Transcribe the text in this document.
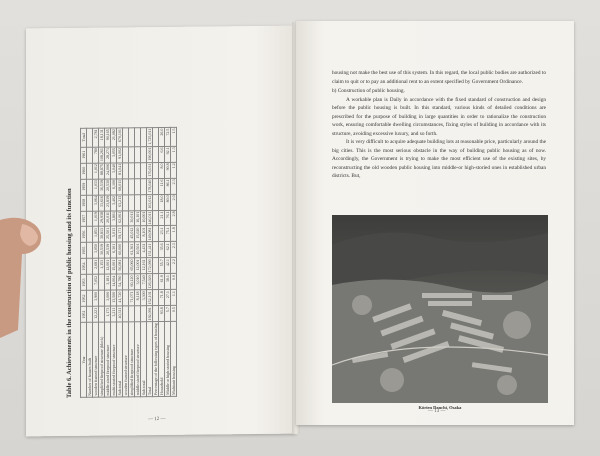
Table 6. Achievements in the construction of public housing and its function Year	1951	1952	1953	1954	1955	1956	1957	1958	1959	1960	1961	Total
Number of houses built												
wooden framed structure	12,221	3,900	7,052	2,681	3,050	1,851	1,019	3,064	1,033	1,012	780	2,781
simplified fireproof structure (block)				1,153	30,519	30,813	29,938	33,616	36,539	88,875	108,261	18,131
middle-sized fireproof structure	1,173	3,000	3,181	12,001	20,539	25,501	20,011	23,839	20,530	24,006	28,271	90,165
multi-storied fireproof structure	3,211	13,500	14,004	15,001	6,301	5,013	3,801	3,402	6,100	3,040	3,055	21,082
Sub-total	40,311	41,720	54,780	56,081	60,000	59,171	62,061	63,213	68,011	81,041	91,002	670,101
wooden framed structure												
simplified fireproof structure		71,071	60,120	65,060	61,361	45,012	30,011					
middle-sized fireproof structure		8,118	3,010	12,001	10,501	15,020	16,101					
Sub-total		3,300	7,540	12,161	4,431	8,101	10,001					
Total	192,091	152,101	126,020	172,090	151,411	149,081	146,011	163,012	178,040	170,031	190,001	1,725,011
Percentage of the following types of housing												
Household	93.8	71.8	61.9	55.7	35.6	23.1	21.1	18.0	11.6	8.0	6.6	26.0
Middle or high-storied housing	5.7	27.1	38.1	42.1	62.1	75.1	76.1	80.0	86.1	90.8	92.1	72.5
Multiunit housing	0.5	1.1	0.0	2.2	2.3	1.8	2.8	2.0	2.3	1.2	1.3	1.5
— 12 —

housing not make the best use of this system. In this regard, the local public bodies are authorized to claim to quit or to pay an additional rent to an extent specified by Government Ordinance.

b) Construction of public housing.

A workable plan is Daily in accordance with the fixed standard of construction and design before the public housing is built. In this standard, various kinds of detailed conditions are prescribed for the purpose of building in large quantities in order to rationalize the construction work, ensuring comfortable dwelling circumstances, fixing styles of building in accordance with its structure, avoiding excessive luxury, and so forth.

It is very difficult to acquire adequate building lots at reasonable price, particularly around the big cities. This is the most serious obstacle in the way of building public housing as of now. Accordingly, the Government is trying to make the most efficient use of the existing sites, by reconstructing the old wooden public housing into middle-or high-storied ones in established urban districts. But,

Kōrien Danchi, Osaka
— 13 —
